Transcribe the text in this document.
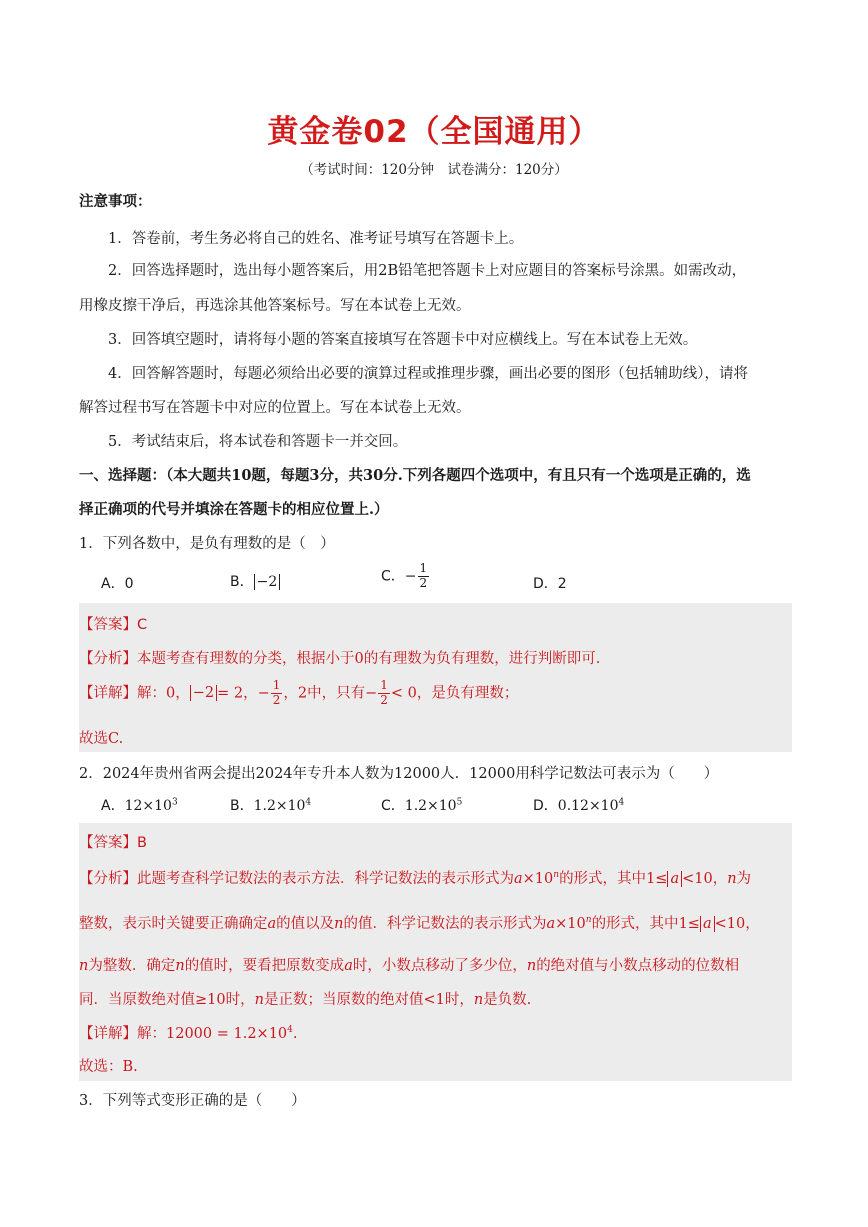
黄金卷02（全国通用）
（考试时间：120分钟　试卷满分：120分）
注意事项：
1．答卷前，考生务必将自己的姓名、准考证号填写在答题卡上。
2．回答选择题时，选出每小题答案后，用2B铅笔把答题卡上对应题目的答案标号涂黑。如需改动，
用橡皮擦干净后，再选涂其他答案标号。写在本试卷上无效。
3．回答填空题时，请将每小题的答案直接填写在答题卡中对应横线上。写在本试卷上无效。
4．回答解答题时，每题必须给出必要的演算过程或推理步骤，画出必要的图形（包括辅助线），请将
解答过程书写在答题卡中对应的位置上。写在本试卷上无效。
5．考试结束后，将本试卷和答题卡一并交回。
一、选择题：（本大题共10题，每题3分，共30分.下列各题四个选项中，有且只有一个选项是正确的，选
择正确项的代号并填涂在答题卡的相应位置上.）
1．下列各数中，是负有理数的是（　）
A．0	B． −2	C．− $\frac{1}{2}$	D．2
【答案】C
【分析】本题考查有理数的分类，根据小于0的有理数为负有理数，进行判断即可.
【详解】解：0， −2 = 2，− $\frac{1}{2}$ ，2中，只有− $\frac{1}{2} < 0$，是负有理数；
故选C.
2．2024年贵州省两会提出2024年专升本人数为12000人．12000用科学记数法可表示为（　　）
A．$12\times 10^3$	B．$1.2\times 10^4$	C．$1.2\times 10^5$	D．$0.12\times 10^4$
【答案】B
【分析】此题考查科学记数法的表示方法．科学记数法的表示形式为$a\times 10^n$的形式，其中1≤ a <10，n为
整数，表示时关键要正确确定a的值以及n的值．科学记数法的表示形式为$a\times 10^n$的形式，其中1≤ a <10，
n为整数．确定n的值时，要看把原数变成a时，小数点移动了多少位，n的绝对值与小数点移动的位数相
同．当原数绝对值≥10时，n是正数；当原数的绝对值<1时，n是负数.
【详解】解：$12000 = 1.2\times 10^4$.
故选：B.
3．下列等式变形正确的是（　　）
